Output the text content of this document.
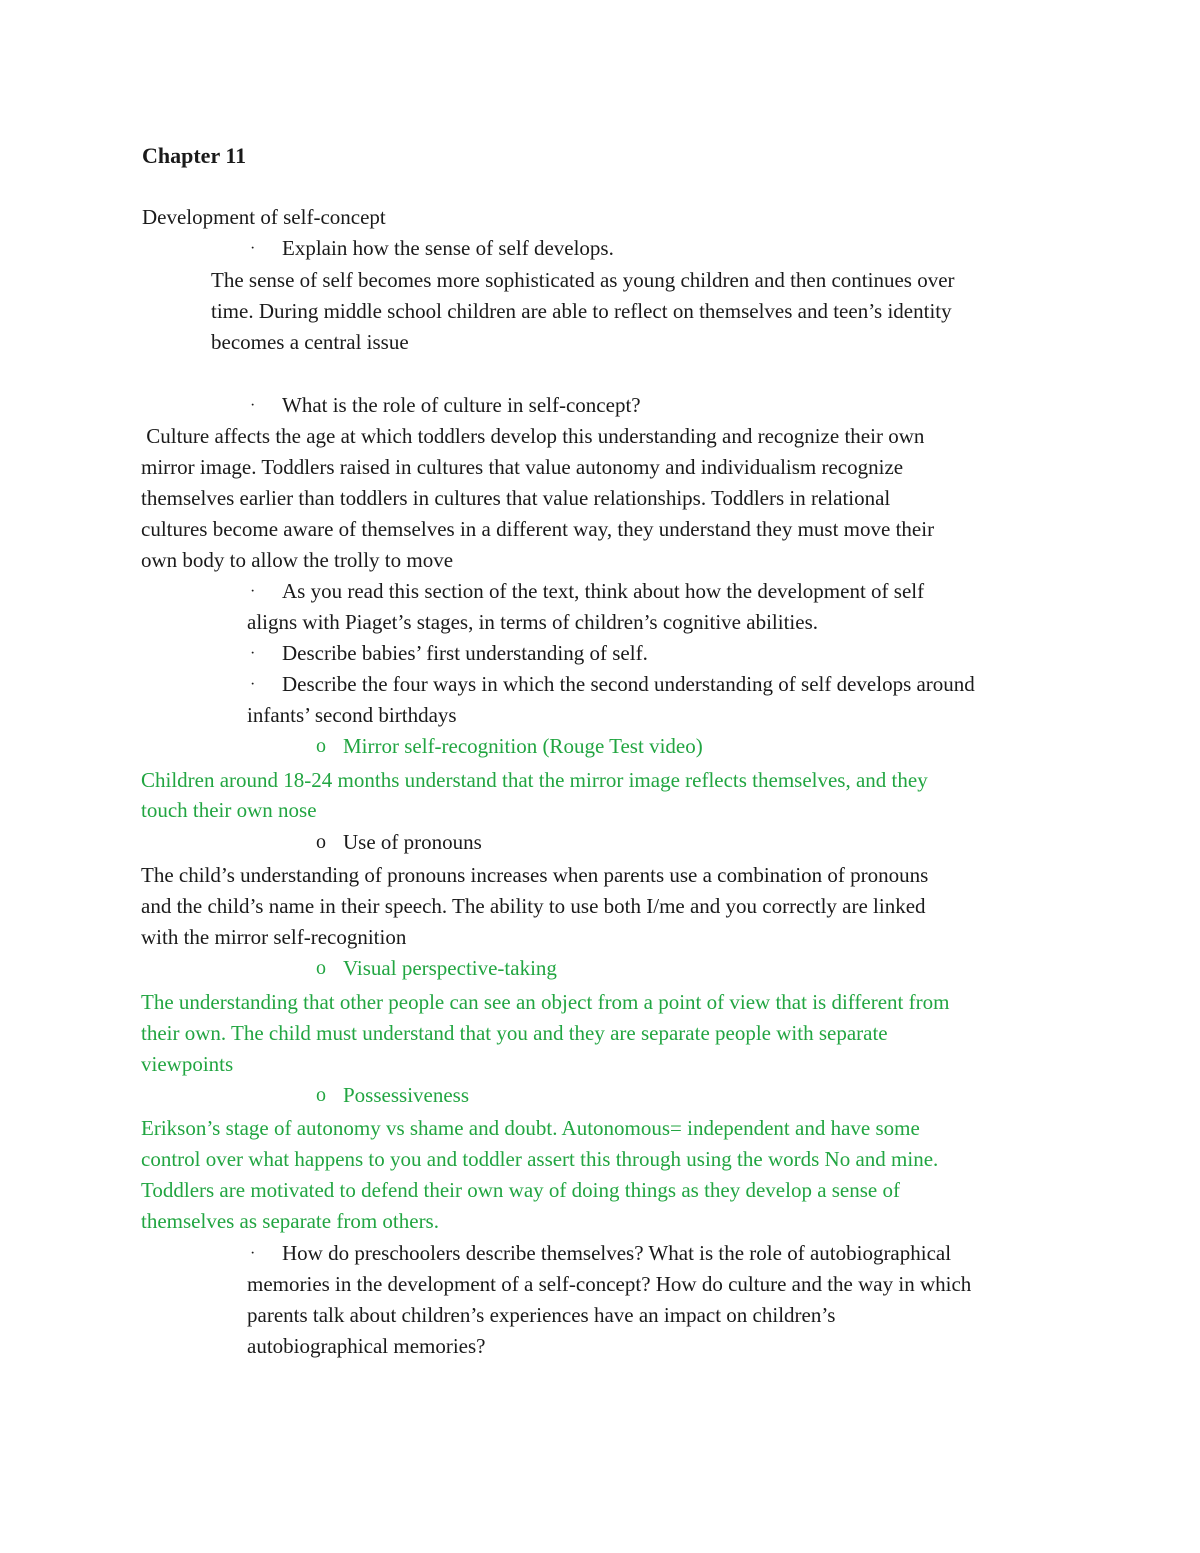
Chapter 11
Development of self-concept
· Explain how the sense of self develops.
The sense of self becomes more sophisticated as young children and then continues over
time. During middle school children are able to reflect on themselves and teen’s identity
becomes a central issue
· What is the role of culture in self-concept?
Culture affects the age at which toddlers develop this understanding and recognize their own
mirror image. Toddlers raised in cultures that value autonomy and individualism recognize
themselves earlier than toddlers in cultures that value relationships. Toddlers in relational
cultures become aware of themselves in a different way, they understand they must move their
own body to allow the trolly to move
· As you read this section of the text, think about how the development of self
aligns with Piaget’s stages, in terms of children’s cognitive abilities.
· Describe babies’ first understanding of self.
· Describe the four ways in which the second understanding of self develops around
infants’ second birthdays
o Mirror self-recognition (Rouge Test video)
Children around 18-24 months understand that the mirror image reflects themselves, and they
touch their own nose
o Use of pronouns
The child’s understanding of pronouns increases when parents use a combination of pronouns
and the child’s name in their speech. The ability to use both I/me and you correctly are linked
with the mirror self-recognition
o Visual perspective-taking
The understanding that other people can see an object from a point of view that is different from
their own. The child must understand that you and they are separate people with separate
viewpoints
o Possessiveness
Erikson’s stage of autonomy vs shame and doubt. Autonomous= independent and have some
control over what happens to you and toddler assert this through using the words No and mine.
Toddlers are motivated to defend their own way of doing things as they develop a sense of
themselves as separate from others.
· How do preschoolers describe themselves? What is the role of autobiographical
memories in the development of a self-concept? How do culture and the way in which
parents talk about children’s experiences have an impact on children’s
autobiographical memories?
